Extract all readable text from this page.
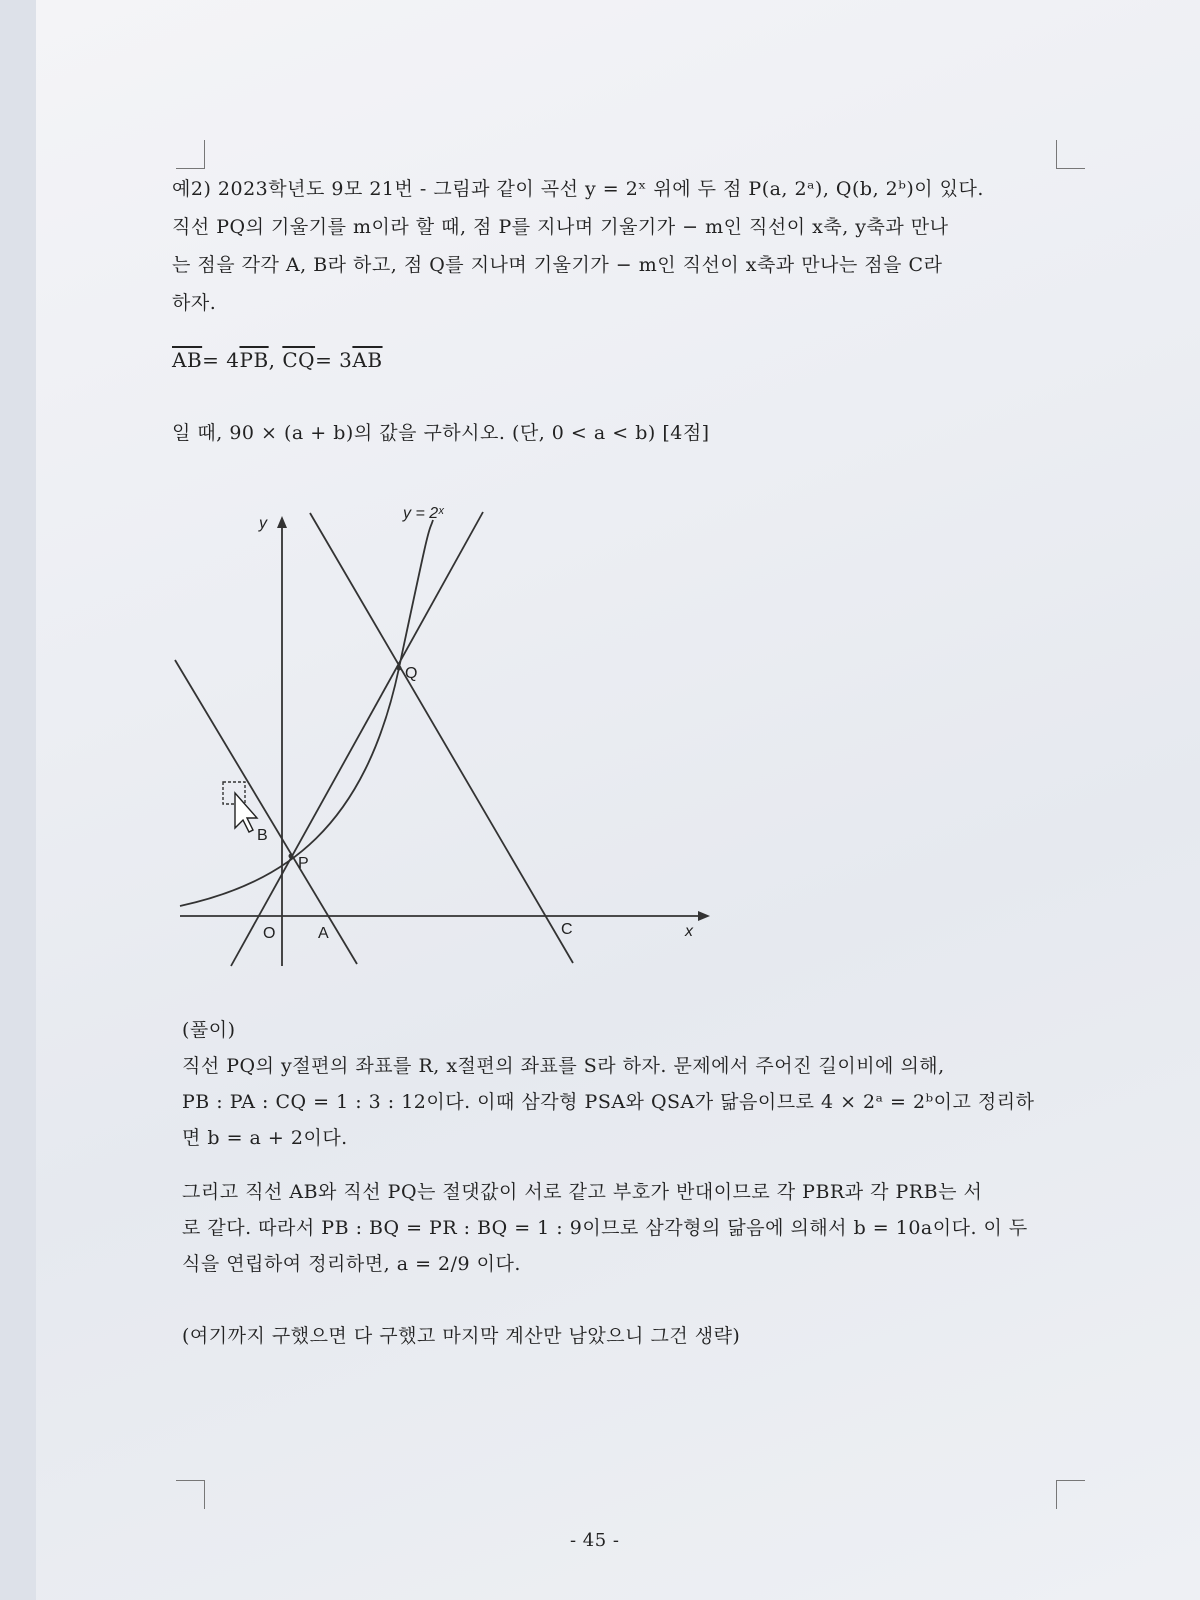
예2) 2023학년도 9모 21번 - 그림과 같이 곡선 y = 2ˣ 위에 두 점 P(a, 2ᵃ), Q(b, 2ᵇ)이 있다.
직선 PQ의 기울기를 m이라 할 때, 점 P를 지나며 기울기가 − m인 직선이 x축, y축과 만나
는 점을 각각 A, B라 하고, 점 Q를 지나며 기울기가 − m인 직선이 x축과 만나는 점을 C라
하자.
$\overline{AB}= 4\overline{PB}$, $\overline{CQ}= 3\overline{AB}$
일 때, 90 × (a + b)의 값을 구하시오. (단, 0 < a < b) [4점]
y = 2ˣ
y
x
O	A
B
C
P
Q
(풀이)
직선 PQ의 y절편의 좌표를 R, x절편의 좌표를 S라 하자. 문제에서 주어진 길이비에 의해,
PB : PA : CQ = 1 : 3 : 12이다. 이때 삼각형 PSA와 QSA가 닮음이므로 4 × 2ᵃ = 2ᵇ이고 정리하
면 b = a + 2이다.
그리고 직선 AB와 직선 PQ는 절댓값이 서로 같고 부호가 반대이므로 각 PBR과 각 PRB는 서
로 같다. 따라서 PB : BQ = PR : BQ = 1 : 9이므로 삼각형의 닮음에 의해서 b = 10a이다. 이 두
식을 연립하여 정리하면, a = 2/9 이다.
(여기까지 구했으면 다 구했고 마지막 계산만 남았으니 그건 생략)
- 45 -
